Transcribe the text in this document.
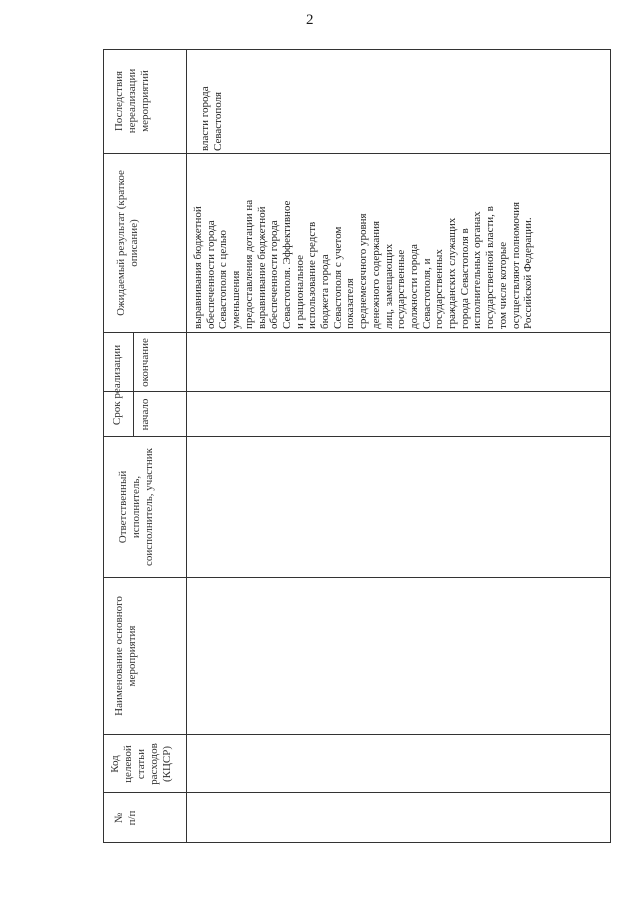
2
№
п/п
Код целевой статьи расходов (КЦСР)
Наименование основного мероприятия
Ответственный исполнитель, соисполнитель, участник
Срок реализации	начало
окончание
Ожидаемый результат (краткое описание)
Последствия нереализации мероприятий
выравнивания бюджетной
обеспеченности города
Севастополя с целью
уменьшения
предоставления дотации на
выравнивание бюджетной
обеспеченности города
Севастополя. Эффективное
и рациональное
использование средств
бюджета города
Севастополя с учетом
показателя
среднемесячного уровня
денежного содержания
лиц, замещающих
государственные
должности города
Севастополя, и
государственных
гражданских служащих
города Севастополя в
исполнительных органах
государственной власти, в
том числе которые
осуществляют полномочия
Российской Федерации.
власти города
Севастополя
